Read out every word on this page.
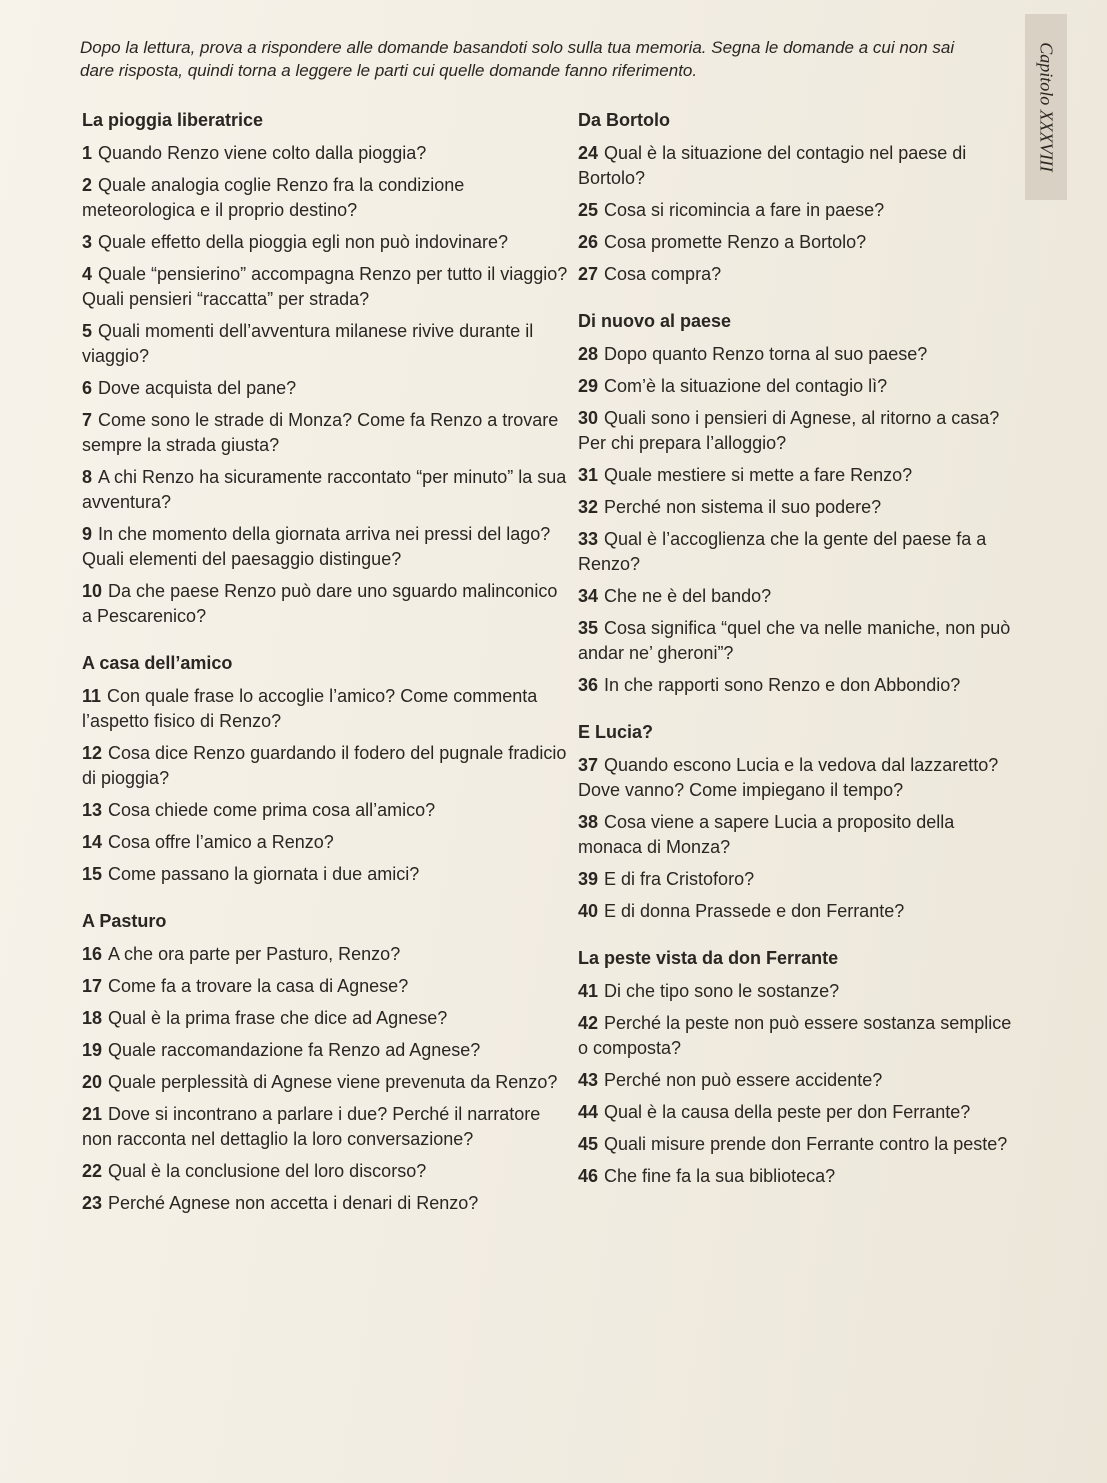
Dopo la lettura, prova a rispondere alle domande basandoti solo sulla tua memoria. Segna le domande a cui non sai dare risposta, quindi torna a leggere le parti cui quelle domande fanno riferimento.	Capitolo XXXVIII
La pioggia liberatrice

1 Quando Renzo viene colto dalla pioggia?

2 Quale analogia coglie Renzo fra la condizione meteorologica e il proprio destino?

3 Quale effetto della pioggia egli non può indovinare?

4 Quale “pensierino” accompagna Renzo per tutto il viaggio? Quali pensieri “raccatta” per strada?

5 Quali momenti dell’avventura milanese rivive durante il viaggio?

6 Dove acquista del pane?

7 Come sono le strade di Monza? Come fa Renzo a trovare sempre la strada giusta?

8 A chi Renzo ha sicuramente raccontato “per minuto” la sua avventura?

9 In che momento della giornata arriva nei pressi del lago? Quali elementi del paesaggio distingue?

10 Da che paese Renzo può dare uno sguardo malinconico a Pescarenico?

A casa dell’amico

11 Con quale frase lo accoglie l’amico? Come commenta l’aspetto fisico di Renzo?

12 Cosa dice Renzo guardando il fodero del pugnale fradicio di pioggia?

13 Cosa chiede come prima cosa all’amico?

14 Cosa offre l’amico a Renzo?

15 Come passano la giornata i due amici?

A Pasturo

16 A che ora parte per Pasturo, Renzo?

17 Come fa a trovare la casa di Agnese?

18 Qual è la prima frase che dice ad Agnese?

19 Quale raccomandazione fa Renzo ad Agnese?

20 Quale perplessità di Agnese viene prevenuta da Renzo?

21 Dove si incontrano a parlare i due? Perché il narratore non racconta nel dettaglio la loro conversazione?

22 Qual è la conclusione del loro discorso?

23 Perché Agnese non accetta i denari di Renzo?

Da Bortolo

24 Qual è la situazione del contagio nel paese di Bortolo?

25 Cosa si ricomincia a fare in paese?

26 Cosa promette Renzo a Bortolo?

27 Cosa compra?

Di nuovo al paese

28 Dopo quanto Renzo torna al suo paese?

29 Com’è la situazione del contagio lì?

30 Quali sono i pensieri di Agnese, al ritorno a casa? Per chi prepara l’alloggio?

31 Quale mestiere si mette a fare Renzo?

32 Perché non sistema il suo podere?

33 Qual è l’accoglienza che la gente del paese fa a Renzo?

34 Che ne è del bando?

35 Cosa significa “quel che va nelle maniche, non può andar ne’ gheroni”?

36 In che rapporti sono Renzo e don Abbondio?

E Lucia?

37 Quando escono Lucia e la vedova dal lazzaretto? Dove vanno? Come impiegano il tempo?

38 Cosa viene a sapere Lucia a proposito della monaca di Monza?

39 E di fra Cristoforo?

40 E di donna Prassede e don Ferrante?

La peste vista da don Ferrante

41 Di che tipo sono le sostanze?

42 Perché la peste non può essere sostanza semplice o composta?

43 Perché non può essere accidente?

44 Qual è la causa della peste per don Ferrante?

45 Quali misure prende don Ferrante contro la peste?

46 Che fine fa la sua biblioteca?
